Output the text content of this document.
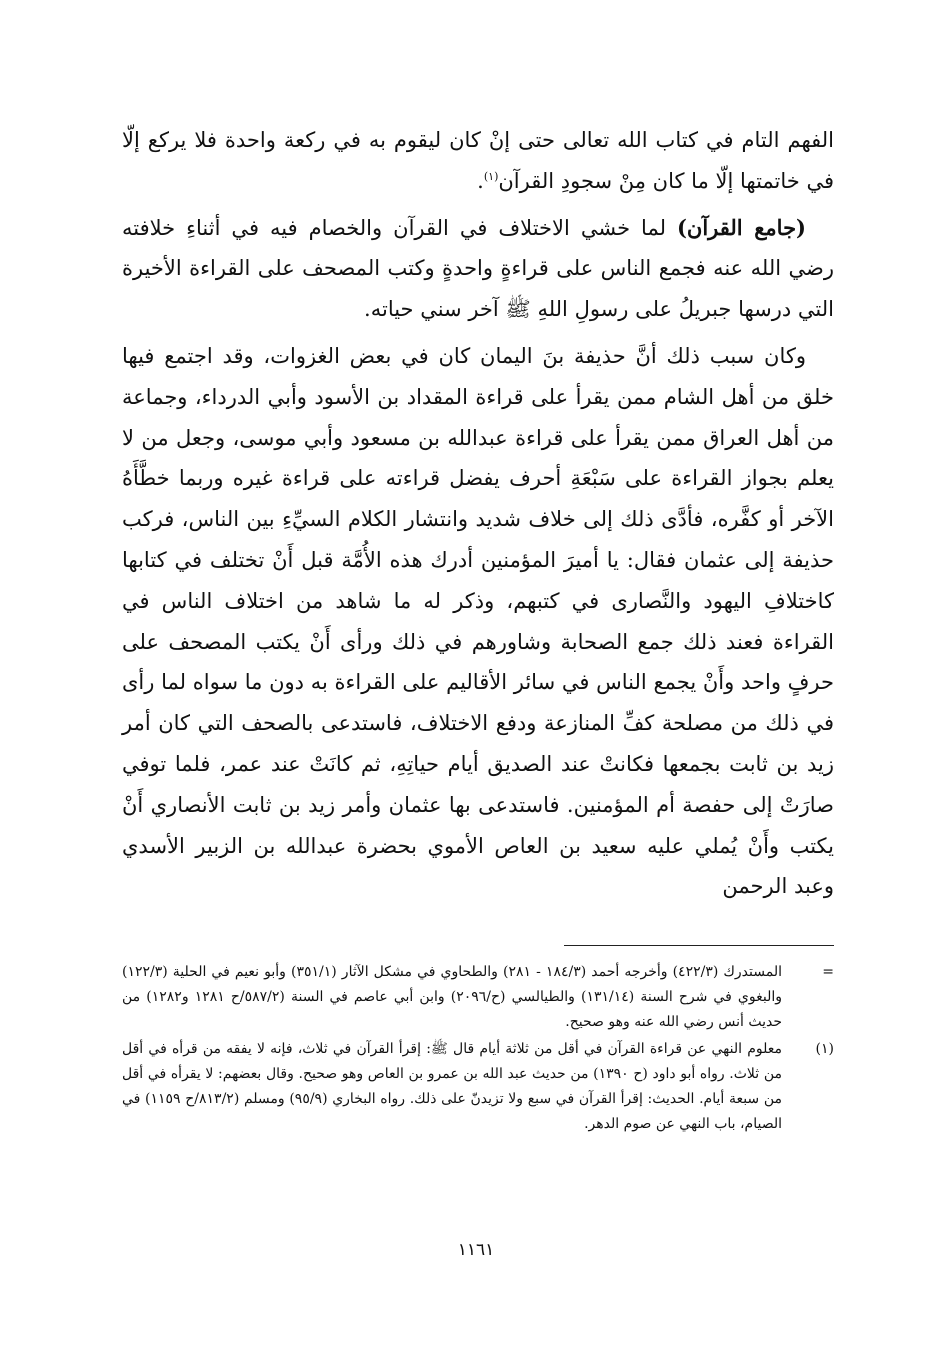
الفهم التام في كتاب الله تعالى حتى إنْ كان ليقوم به في ركعة واحدة فلا يركع إلّا في خاتمتها إلّا ما كان مِنْ سجودِ القرآن$^{(١)}$.

(جامع القرآن) لما خشي الاختلاف في القرآن والخصام فيه في أثناءِ خلافته رضي الله عنه فجمع الناس على قراءةٍ واحدةٍ وكتب المصحف على القراءة الأخيرة التي درسها جبريلُ على رسولِ اللهِ ﷺ آخر سني حياته.

وكان سبب ذلك أنَّ حذيفة بنَ اليمان كان في بعض الغزوات، وقد اجتمع فيها خلق من أهل الشام ممن يقرأ على قراءة المقداد بن الأسود وأبي الدرداء، وجماعة من أهل العراق ممن يقرأ على قراءة عبدالله بن مسعود وأبي موسى، وجعل من لا يعلم بجواز القراءة على سَبْعَةِ أحرف يفضل قراءته على قراءة غيره وربما خطَّأَهُ الآخر أو كفَّره، فأدَّى ذلك إلى خلاف شديد وانتشار الكلام السيِّءِ بين الناس، فركب حذيفة إلى عثمان فقال: يا أميرَ المؤمنين أدرك هذه الأُمَّة قبل أَنْ تختلف في كتابها كاختلافِ اليهود والنَّصارى في كتبهم، وذكر له ما شاهد من اختلاف الناس في القراءة فعند ذلك جمع الصحابة وشاورهم في ذلك ورأى أَنْ يكتب المصحف على حرفٍ واحد وأَنْ يجمع الناس في سائر الأقاليم على القراءة به دون ما سواه لما رأى في ذلك من مصلحة كفِّ المنازعة ودفع الاختلاف، فاستدعى بالصحف التي كان أمر زيد بن ثابت بجمعها فكانتْ عند الصديق أيام حياتِهِ، ثم كانَتْ عند عمر، فلما توفي صارَتْ إلى حفصة أم المؤمنين. فاستدعى بها عثمان وأمر زيد بن ثابت الأنصاري أَنْ يكتب وأَنْ يُملي عليه سعيد بن العاص الأموي بحضرة عبدالله بن الزبير الأسدي وعبد الرحمن

=
المستدرك (٤٢٢/٣) وأخرجه أحمد (١٨٤/٣ - ٢٨١) والطحاوي في مشكل الآثار (٣٥١/١) وأبو نعيم في الحلية (١٢٢/٣) والبغوي في شرح السنة (١٣١/١٤) والطيالسي (ح/٢٠٩٦) وابن أبي عاصم في السنة (٥٨٧/٢/ح ١٢٨١ و١٢٨٢) من حديث أنس رضي الله عنه وهو صحيح.
(١)
معلوم النهي عن قراءة القرآن في أقل من ثلاثة أيام قال ﷺ: إقرأ القرآن في ثلاث، فإنه لا يفقه من قرأه في أقل من ثلاث. رواه أبو داود (ح ١٣٩٠) من حديث عبد الله بن عمرو بن العاص وهو صحيح. وقال بعضهم: لا يقرأه في أقل من سبعة أيام. الحديث: إقرأ القرآن في سبع ولا تزيدنّ على ذلك. رواه البخاري (٩٥/٩) ومسلم (٨١٣/٢/ح ١١٥٩) في الصيام، باب النهي عن صوم الدهر.
١١٦١
